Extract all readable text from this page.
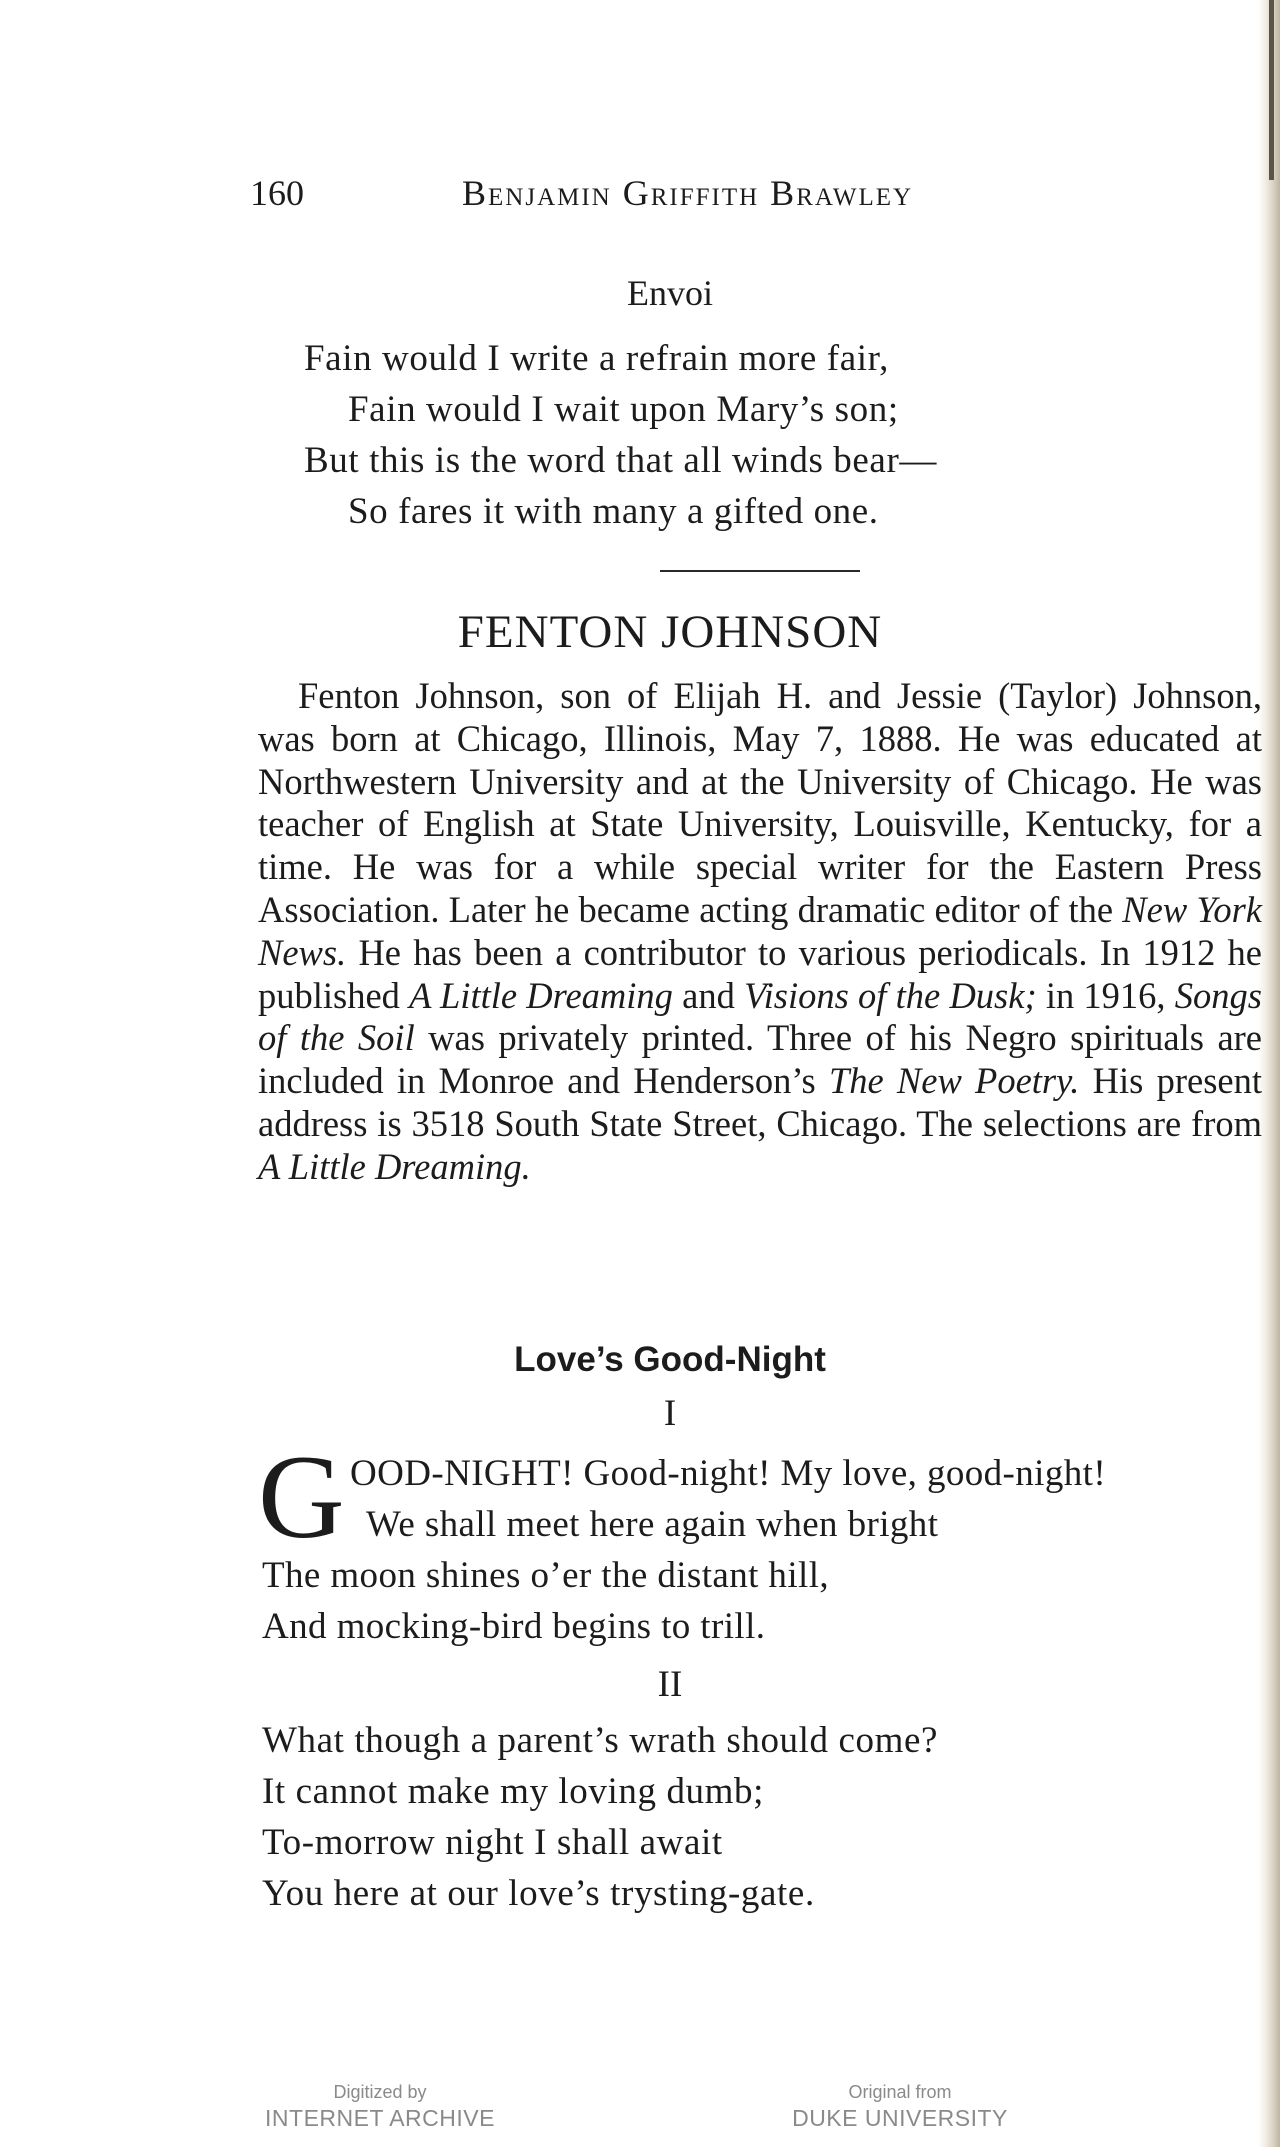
160	Benjamin Griffith Brawley
Envoi
Fain would I write a refrain more fair,
Fain would I wait upon Mary’s son;
But this is the word that all winds bear—
So fares it with many a gifted one.
FENTON JOHNSON

Fenton Johnson, son of Elijah H. and Jessie (Taylor) Johnson, was born at Chicago, Illinois, May 7, 1888. He was educated at Northwestern University and at the University of Chicago. He was teacher of English at State University, Louisville, Kentucky, for a time. He was for a while special writer for the Eastern Press Association. Later he became acting dramatic editor of the New York News. He has been a contributor to various periodicals. In 1912 he published A Little Dreaming and Visions of the Dusk; in 1916, Songs of the Soil was privately printed. Three of his Negro spirituals are included in Monroe and Henderson’s The New Poetry. His present address is 3518 South State Street, Chicago. The selections are from A Little Dreaming.

Love’s Good-Night
I
G OOD-NIGHT! Good-night! My love, good-night!
We shall meet here again when bright
The moon shines o’er the distant hill,
And mocking-bird begins to trill.
II
What though a parent’s wrath should come?
It cannot make my loving dumb;
To-morrow night I shall await
You here at our love’s trysting-gate.
Digitized by
INTERNET ARCHIVE
Original from
DUKE UNIVERSITY
